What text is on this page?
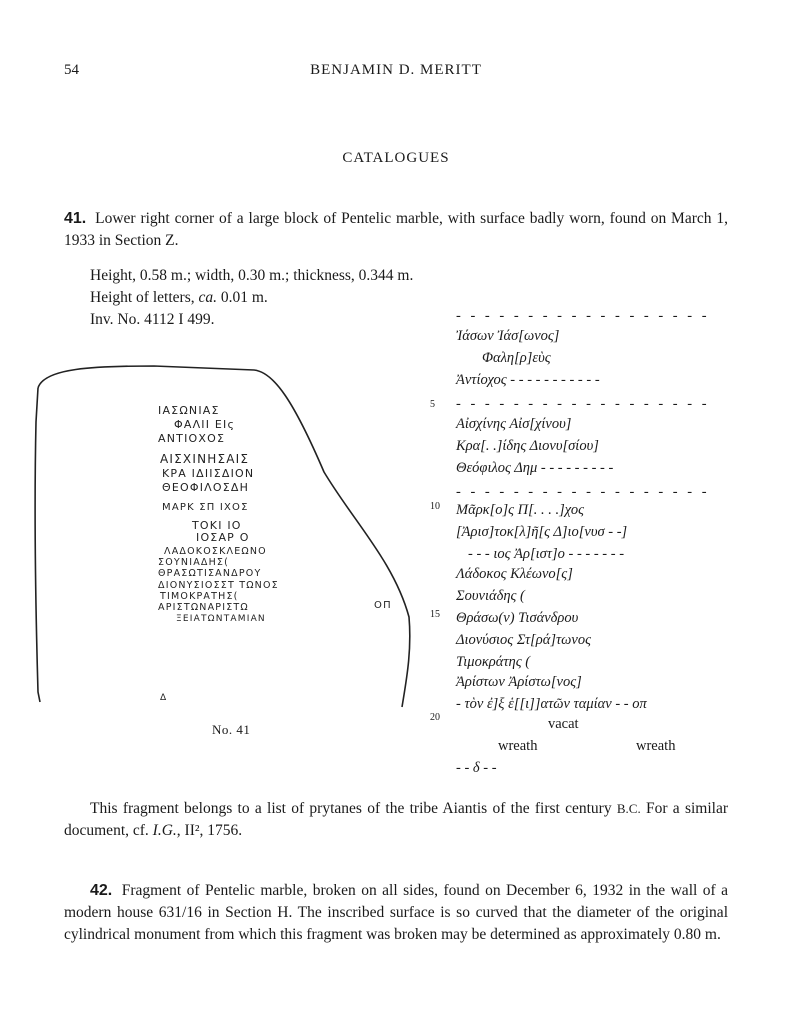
54	BENJAMIN D. MERITT
CATALOGUES
41. Lower right corner of a large block of Pentelic marble, with surface badly worn, found on March 1, 1933 in Section Z.
Height, 0.58 m.; width, 0.30 m.; thickness, 0.344 m.
Height of letters, ca. 0.01 m.
Inv. No. 4112 I 499.
ΙΑΣΩΝΙΑΣ
ΦΑΛΙΙ ΕΙς
ΑΝΤΙΟΧΟΣ
ΑΙΣΧΙΝΗΣΑΙΣ
ΚΡΑ ΙΔΙΙΣΔΙΟΝ
ΘΕΟΦΙΛΟΣΔΗ
ΜΑΡΚ ΣΠ ΙΧΟΣ
ΤΟΚΙ ΙΟ
ΙΟΣΑΡ Ο
ΛΑΔΟΚΟΣΚΛΕΩΝΟ
ΣΟΥΝΙΑΔΗΣ(
ΘΡΑΣΩΤΙΣΑΝΔΡΟΥ
ΔΙΟΝΥΣΙΟΣΣΤ ΤΩΝΟΣ
ΤΙΜΟΚΡΑΤΗΣ(
ΑΡΙΣΤΩΝΑΡΙΣΤΩ
ΞΕΙΑΤΩΝΤΑΜΙΑΝ
ΟΠ
Δ
No. 41
5
10
15
20
- - - - - - - - - - - - - - - - - -
Ἰάσων Ἰάσ[ωνος]
Φαλη[ρ]εὺς
Ἀντίοχος - - - - - - - - - - -
- - - - - - - - - - - - - - - - - -
Αἰσχίνης Αἰσ[χίνου]
Κρα[. .]ίδης Διονυ[σίου]
Θεόφιλος Δημ - - - - - - - - -
- - - - - - - - - - - - - - - - - -
Μᾶρκ[ο]ς Π[. . . .]χος
[Ἀρισ]τοκ[λ]ῆ[ς Δ]ιο[νυσ - -]
- - - ιος Ἀρ[ιστ]ο - - - - - - -
Λάδοκος Κλέωνο[ς]
Σουνιάδης (
Θράσω(ν) Τισάνδρου
Διονύσιος Στ[ρά]τωνος
Τιμοκράτης (
Ἀρίστων Ἀρίστω[νος]
- τὸν ἐ]ξ ἑ[[ι]]ατῶν ταμίαν - - οπ
vacat
wreath	wreath
- - δ - -
This fragment belongs to a list of prytanes of the tribe Aiantis of the first century B.C. For a similar document, cf. I.G., II², 1756.
42. Fragment of Pentelic marble, broken on all sides, found on December 6, 1932 in the wall of a modern house 631/16 in Section H. The inscribed surface is so curved that the diameter of the original cylindrical monument from which this fragment was broken may be determined as approximately 0.80 m.
